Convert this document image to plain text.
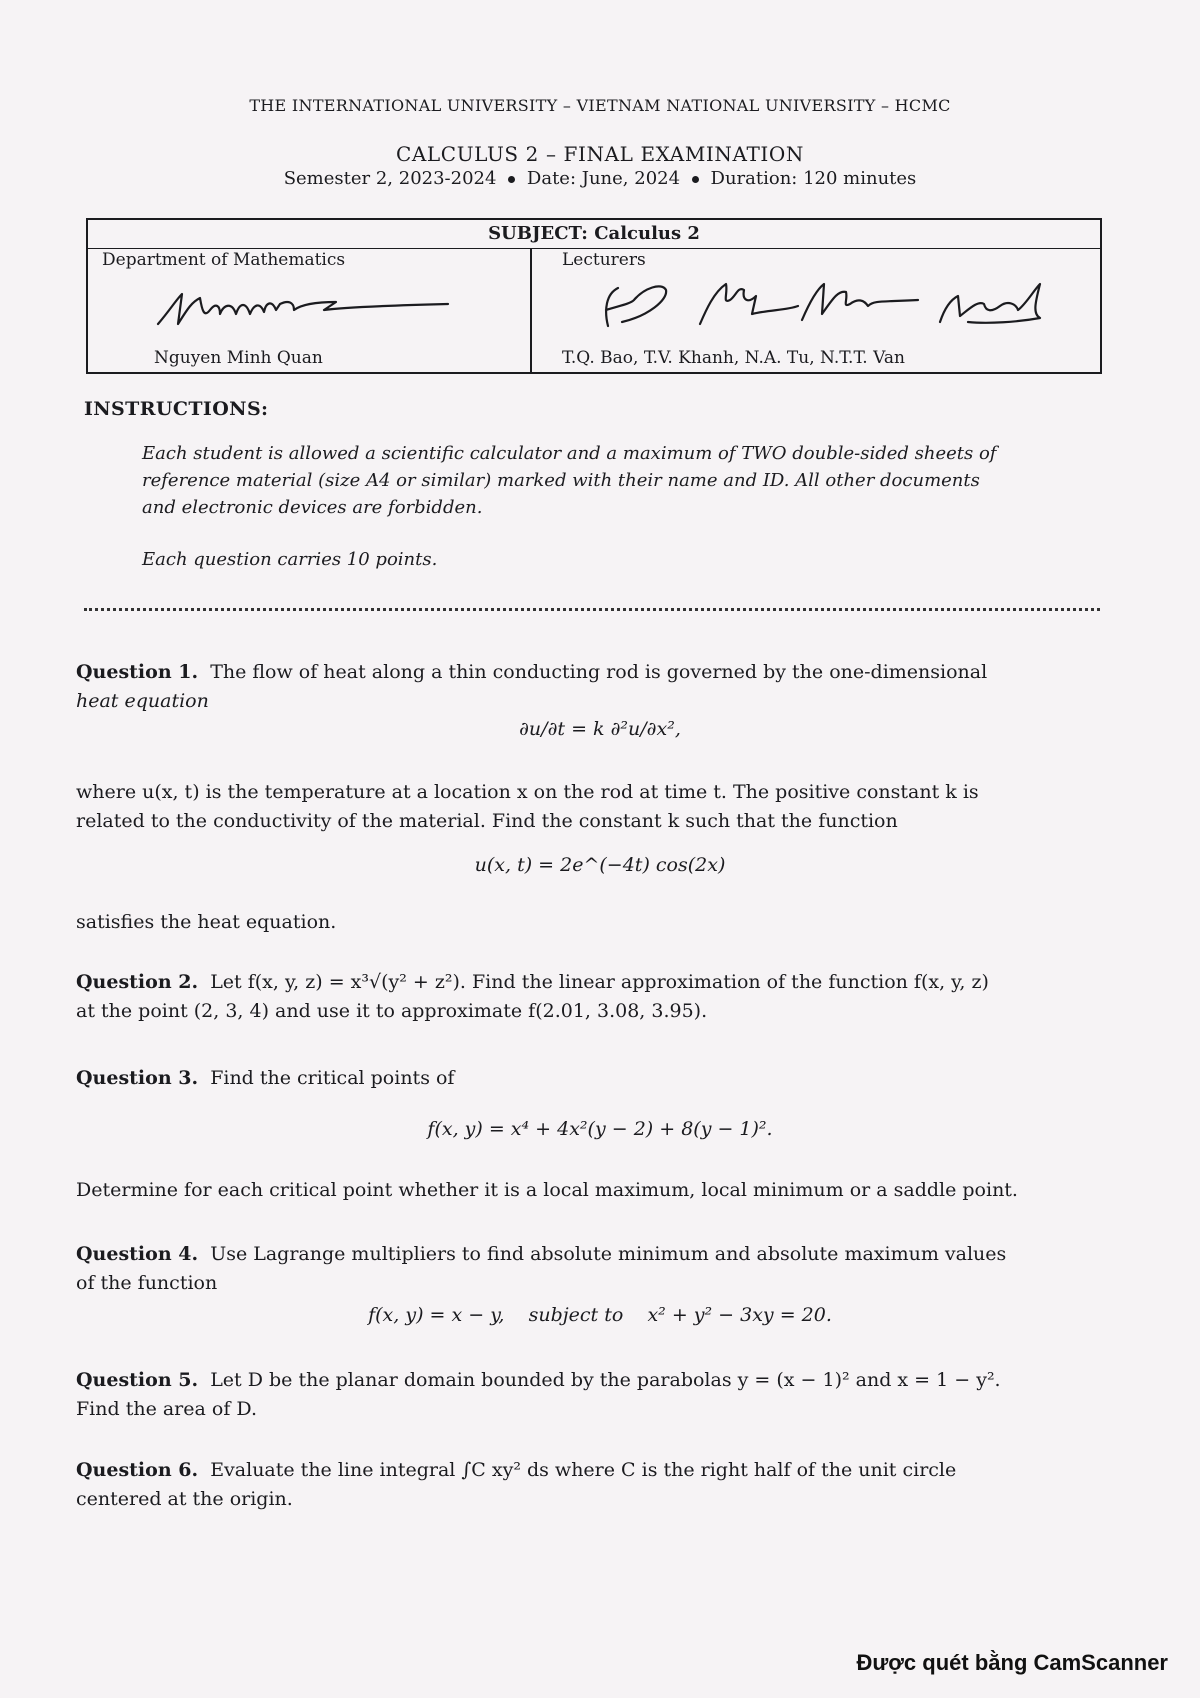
THE INTERNATIONAL UNIVERSITY – VIETNAM NATIONAL UNIVERSITY – HCMC
CALCULUS 2 – FINAL EXAMINATION
Semester 2, 2023-2024 Date: June, 2024 Duration: 120 minutes
SUBJECT: Calculus 2
Department of Mathematics	Lecturers
Nguyen Minh Quan	T.Q. Bao, T.V. Khanh, N.A. Tu, N.T.T. Van
INSTRUCTIONS:
Each student is allowed a scientific calculator and a maximum of TWO double-sided sheets of
reference material (size A4 or similar) marked with their name and ID. All other documents
and electronic devices are forbidden.
Each question carries 10 points.
Question 1. The flow of heat along a thin conducting rod is governed by the one-dimensional
heat equation
∂u/∂t = k ∂²u/∂x²,
where u(x, t) is the temperature at a location x on the rod at time t. The positive constant k is
related to the conductivity of the material. Find the constant k such that the function
u(x, t) = 2e^(−4t) cos(2x)
satisfies the heat equation.
Question 2. Let f(x, y, z) = x³√(y² + z²). Find the linear approximation of the function f(x, y, z)
at the point (2, 3, 4) and use it to approximate f(2.01, 3.08, 3.95).
Question 3. Find the critical points of
f(x, y) = x⁴ + 4x²(y − 2) + 8(y − 1)².
Determine for each critical point whether it is a local maximum, local minimum or a saddle point.
Question 4. Use Lagrange multipliers to find absolute minimum and absolute maximum values
of the function
f(x, y) = x − y,    subject to    x² + y² − 3xy = 20.
Question 5. Let D be the planar domain bounded by the parabolas y = (x − 1)² and x = 1 − y².
Find the area of D.
Question 6. Evaluate the line integral ∫C xy² ds where C is the right half of the unit circle
centered at the origin.
Được quét bằng CamScanner
